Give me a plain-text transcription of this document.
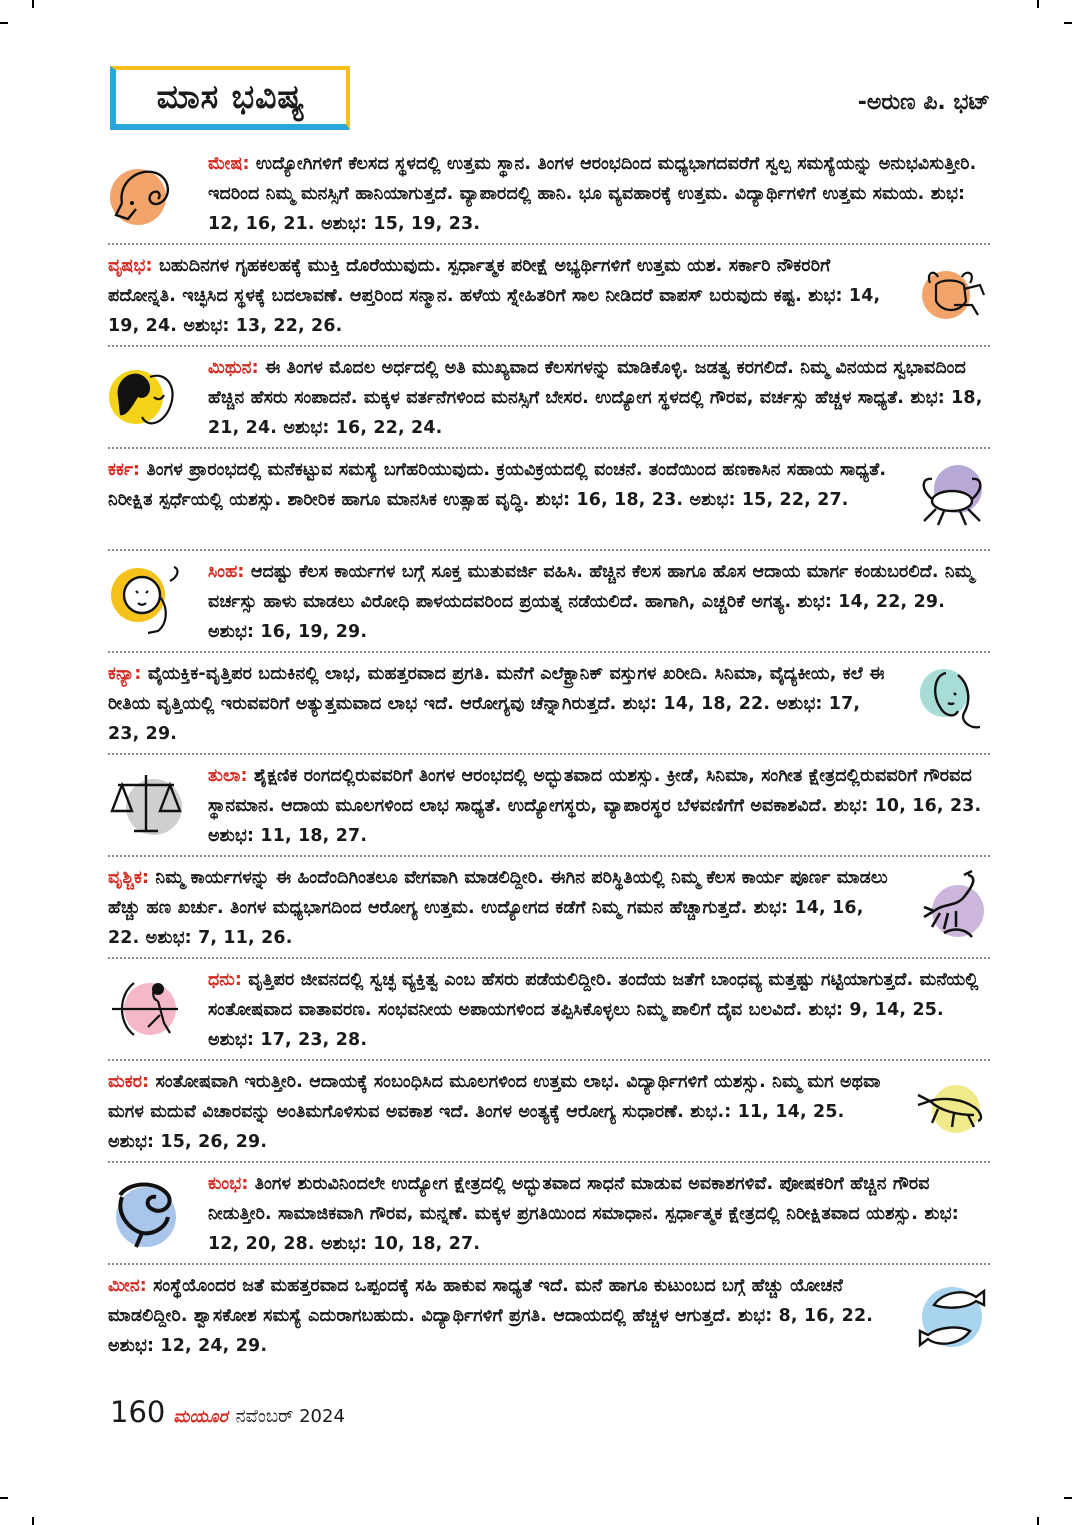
ಮಾಸ ಭವಿಷ್ಯ	-ಅರುಣ ಪಿ. ಭಟ್
ಮೇಷ: ಉದ್ಯೋಗಿಗಳಿಗೆ ಕೆಲಸದ ಸ್ಥಳದಲ್ಲಿ ಉತ್ತಮ ಸ್ಥಾನ. ತಿಂಗಳ ಆರಂಭದಿಂದ ಮಧ್ಯಭಾಗದವರೆಗೆ ಸ್ವಲ್ಪ ಸಮಸ್ಯೆಯನ್ನು ಅನುಭವಿಸುತ್ತೀರಿ. ಇದರಿಂದ ನಿಮ್ಮ ಮನಸ್ಸಿಗೆ ಹಾನಿಯಾಗುತ್ತದೆ. ವ್ಯಾಪಾರದಲ್ಲಿ ಹಾನಿ. ಭೂ ವ್ಯವಹಾರಕ್ಕೆ ಉತ್ತಮ. ವಿದ್ಯಾರ್ಥಿಗಳಿಗೆ ಉತ್ತಮ ಸಮಯ. ಶುಭ: 12, 16, 21. ಅಶುಭ: 15, 19, 23.
ವೃಷಭ: ಬಹುದಿನಗಳ ಗೃಹಕಲಹಕ್ಕೆ ಮುಕ್ತಿ ದೊರೆಯುವುದು. ಸ್ಪರ್ಧಾತ್ಮಕ ಪರೀಕ್ಷೆ ಅಭ್ಯರ್ಥಿಗಳಿಗೆ ಉತ್ತಮ ಯಶ. ಸರ್ಕಾರಿ ನೌಕರರಿಗೆ ಪದೋನ್ನತಿ. ಇಚ್ಛಿಸಿದ ಸ್ಥಳಕ್ಕೆ ಬದಲಾವಣೆ. ಆಪ್ತರಿಂದ ಸನ್ಮಾನ. ಹಳೆಯ ಸ್ನೇಹಿತರಿಗೆ ಸಾಲ ನೀಡಿದರೆ ವಾಪಸ್ ಬರುವುದು ಕಷ್ಟ. ಶುಭ: 14, 19, 24. ಅಶುಭ: 13, 22, 26.
ಮಿಥುನ: ಈ ತಿಂಗಳ ಮೊದಲ ಅರ್ಧದಲ್ಲಿ ಅತಿ ಮುಖ್ಯವಾದ ಕೆಲಸಗಳನ್ನು ಮಾಡಿಕೊಳ್ಳಿ. ಜಡತ್ವ ಕರಗಲಿದೆ. ನಿಮ್ಮ ವಿನಯದ ಸ್ವಭಾವದಿಂದ ಹೆಚ್ಚಿನ ಹೆಸರು ಸಂಪಾದನೆ. ಮಕ್ಕಳ ವರ್ತನೆಗಳಿಂದ ಮನಸ್ಸಿಗೆ ಬೇಸರ. ಉದ್ಯೋಗ ಸ್ಥಳದಲ್ಲಿ ಗೌರವ, ವರ್ಚಸ್ಸು ಹೆಚ್ಚಳ ಸಾಧ್ಯತೆ. ಶುಭ: 18, 21, 24. ಅಶುಭ: 16, 22, 24.
ಕರ್ಕ: ತಿಂಗಳ ಪ್ರಾರಂಭದಲ್ಲಿ ಮನೆಕಟ್ಟುವ ಸಮಸ್ಯೆ ಬಗೆಹರಿಯುವುದು. ಕ್ರಯವಿಕ್ರಯದಲ್ಲಿ ವಂಚನೆ. ತಂದೆಯಿಂದ ಹಣಕಾಸಿನ ಸಹಾಯ ಸಾಧ್ಯತೆ. ನಿರೀಕ್ಷಿತ ಸ್ಪರ್ಧೆಯಲ್ಲಿ ಯಶಸ್ಸು. ಶಾರೀರಿಕ ಹಾಗೂ ಮಾನಸಿಕ ಉತ್ಸಾಹ ವೃದ್ಧಿ. ಶುಭ: 16, 18, 23. ಅಶುಭ: 15, 22, 27.
ಸಿಂಹ: ಆದಷ್ಟು ಕೆಲಸ ಕಾರ್ಯಗಳ ಬಗ್ಗೆ ಸೂಕ್ತ ಮುತುವರ್ಜಿ ವಹಿಸಿ. ಹೆಚ್ಚಿನ ಕೆಲಸ ಹಾಗೂ ಹೊಸ ಆದಾಯ ಮಾರ್ಗ ಕಂಡುಬರಲಿದೆ. ನಿಮ್ಮ ವರ್ಚಸ್ಸು ಹಾಳು ಮಾಡಲು ವಿರೋಧಿ ಪಾಳಯದವರಿಂದ ಪ್ರಯತ್ನ ನಡೆಯಲಿದೆ. ಹಾಗಾಗಿ, ಎಚ್ಚರಿಕೆ ಅಗತ್ಯ. ಶುಭ: 14, 22, 29. ಅಶುಭ: 16, 19, 29.
ಕನ್ಯಾ: ವೈಯಕ್ತಿಕ-ವೃತ್ತಿಪರ ಬದುಕಿನಲ್ಲಿ ಲಾಭ, ಮಹತ್ತರವಾದ ಪ್ರಗತಿ. ಮನೆಗೆ ಎಲೆಕ್ಟ್ರಾನಿಕ್ ವಸ್ತುಗಳ ಖರೀದಿ. ಸಿನಿಮಾ, ವೈದ್ಯಕೀಯ, ಕಲೆ ಈ ರೀತಿಯ ವೃತ್ತಿಯಲ್ಲಿ ಇರುವವರಿಗೆ ಅತ್ಯುತ್ತಮವಾದ ಲಾಭ ಇದೆ. ಆರೋಗ್ಯವು ಚೆನ್ನಾಗಿರುತ್ತದೆ. ಶುಭ: 14, 18, 22. ಅಶುಭ: 17, 23, 29.
ತುಲಾ: ಶೈಕ್ಷಣಿಕ ರಂಗದಲ್ಲಿರುವವರಿಗೆ ತಿಂಗಳ ಆರಂಭದಲ್ಲಿ ಅದ್ಭುತವಾದ ಯಶಸ್ಸು. ಕ್ರೀಡೆ, ಸಿನಿಮಾ, ಸಂಗೀತ ಕ್ಷೇತ್ರದಲ್ಲಿರುವವರಿಗೆ ಗೌರವದ ಸ್ಥಾನಮಾನ. ಆದಾಯ ಮೂಲಗಳಿಂದ ಲಾಭ ಸಾಧ್ಯತೆ. ಉದ್ಯೋಗಸ್ಥರು, ವ್ಯಾಪಾರಸ್ಥರ ಬೆಳವಣಿಗೆಗೆ ಅವಕಾಶವಿದೆ. ಶುಭ: 10, 16, 23. ಅಶುಭ: 11, 18, 27.
ವೃಶ್ಚಿಕ: ನಿಮ್ಮ ಕಾರ್ಯಗಳನ್ನು ಈ ಹಿಂದೆಂದಿಗಿಂತಲೂ ವೇಗವಾಗಿ ಮಾಡಲಿದ್ದೀರಿ. ಈಗಿನ ಪರಿಸ್ಥಿತಿಯಲ್ಲಿ ನಿಮ್ಮ ಕೆಲಸ ಕಾರ್ಯ ಪೂರ್ಣ ಮಾಡಲು ಹೆಚ್ಚು ಹಣ ಖರ್ಚು. ತಿಂಗಳ ಮಧ್ಯಭಾಗದಿಂದ ಆರೋಗ್ಯ ಉತ್ತಮ. ಉದ್ಯೋಗದ ಕಡೆಗೆ ನಿಮ್ಮ ಗಮನ ಹೆಚ್ಚಾಗುತ್ತದೆ. ಶುಭ: 14, 16, 22. ಅಶುಭ: 7, 11, 26.
ಧನು: ವೃತ್ತಿಪರ ಜೀವನದಲ್ಲಿ ಸ್ವಚ್ಛ ವ್ಯಕ್ತಿತ್ವ ಎಂಬ ಹೆಸರು ಪಡೆಯಲಿದ್ದೀರಿ. ತಂದೆಯ ಜತೆಗೆ ಬಾಂಧವ್ಯ ಮತ್ತಷ್ಟು ಗಟ್ಟಿಯಾಗುತ್ತದೆ. ಮನೆಯಲ್ಲಿ ಸಂತೋಷವಾದ ವಾತಾವರಣ. ಸಂಭವನೀಯ ಅಪಾಯಗಳಿಂದ ತಪ್ಪಿಸಿಕೊಳ್ಳಲು ನಿಮ್ಮ ಪಾಲಿಗೆ ದೈವ ಬಲವಿದೆ. ಶುಭ: 9, 14, 25. ಅಶುಭ: 17, 23, 28.
ಮಕರ: ಸಂತೋಷವಾಗಿ ಇರುತ್ತೀರಿ. ಆದಾಯಕ್ಕೆ ಸಂಬಂಧಿಸಿದ ಮೂಲಗಳಿಂದ ಉತ್ತಮ ಲಾಭ. ವಿದ್ಯಾರ್ಥಿಗಳಿಗೆ ಯಶಸ್ಸು. ನಿಮ್ಮ ಮಗ ಅಥವಾ ಮಗಳ ಮದುವೆ ವಿಚಾರವನ್ನು ಅಂತಿಮಗೊಳಿಸುವ ಅವಕಾಶ ಇದೆ. ತಿಂಗಳ ಅಂತ್ಯಕ್ಕೆ ಆರೋಗ್ಯ ಸುಧಾರಣೆ. ಶುಭ.: 11, 14, 25. ಅಶುಭ: 15, 26, 29.
ಕುಂಭ: ತಿಂಗಳ ಶುರುವಿನಿಂದಲೇ ಉದ್ಯೋಗ ಕ್ಷೇತ್ರದಲ್ಲಿ ಅದ್ಭುತವಾದ ಸಾಧನೆ ಮಾಡುವ ಅವಕಾಶಗಳಿವೆ. ಪೋಷಕರಿಗೆ ಹೆಚ್ಚಿನ ಗೌರವ ನೀಡುತ್ತೀರಿ. ಸಾಮಾಜಿಕವಾಗಿ ಗೌರವ, ಮನ್ನಣೆ. ಮಕ್ಕಳ ಪ್ರಗತಿಯಿಂದ ಸಮಾಧಾನ. ಸ್ಪರ್ಧಾತ್ಮಕ ಕ್ಷೇತ್ರದಲ್ಲಿ ನಿರೀಕ್ಷಿತವಾದ ಯಶಸ್ಸು. ಶುಭ: 12, 20, 28. ಅಶುಭ: 10, 18, 27.
ಮೀನ: ಸಂಸ್ಥೆಯೊಂದರ ಜತೆ ಮಹತ್ತರವಾದ ಒಪ್ಪಂದಕ್ಕೆ ಸಹಿ ಹಾಕುವ ಸಾಧ್ಯತೆ ಇದೆ. ಮನೆ ಹಾಗೂ ಕುಟುಂಬದ ಬಗ್ಗೆ ಹೆಚ್ಚು ಯೋಚನೆ ಮಾಡಲಿದ್ದೀರಿ. ಶ್ವಾಸಕೋಶ ಸಮಸ್ಯೆ ಎದುರಾಗಬಹುದು. ವಿದ್ಯಾರ್ಥಿಗಳಿಗೆ ಪ್ರಗತಿ. ಆದಾಯದಲ್ಲಿ ಹೆಚ್ಚಳ ಆಗುತ್ತದೆ. ಶುಭ: 8, 16, 22. ಅಶುಭ: 12, 24, 29.
160 ಮಯೂರ ನವೆಂಬರ್ 2024
